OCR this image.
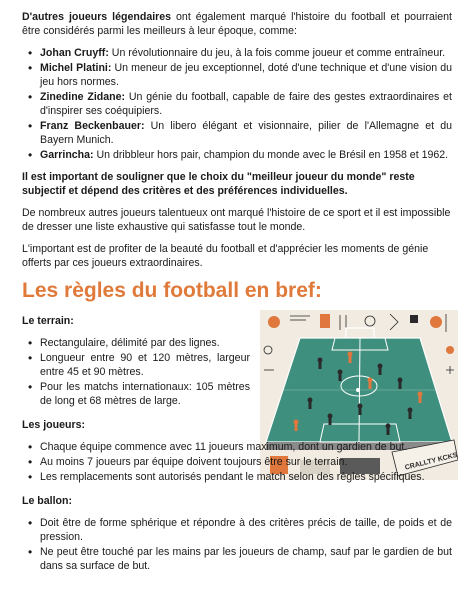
D'autres joueurs légendaires ont également marqué l'histoire du football et pourraient être considérés parmi les meilleurs à leur époque, comme:

• Johan Cruyff: Un révolutionnaire du jeu, à la fois comme joueur et comme entraîneur.
• Michel Platini: Un meneur de jeu exceptionnel, doté d'une technique et d'une vision du jeu hors normes.
• Zinedine Zidane: Un génie du football, capable de faire des gestes extraordinaires et d'inspirer ses coéquipiers.
• Franz Beckenbauer: Un libero élégant et visionnaire, pilier de l'Allemagne et du Bayern Munich.
• Garrincha: Un dribbleur hors pair, champion du monde avec le Brésil en 1958 et 1962.

Il est important de souligner que le choix du "meilleur joueur du monde" reste subjectif et dépend des critères et des préférences individuelles.

De nombreux autres joueurs talentueux ont marqué l'histoire de ce sport et il est impossible de dresser une liste exhaustive qui satisfasse tout le monde.

L'important est de profiter de la beauté du football et d'apprécier les moments de génie offerts par ces joueurs extraordinaires.

Les règles du football en bref:
Le terrain:
• Rectangulaire, délimité par des lignes.
• Longueur entre 90 et 120 mètres, largeur entre 45 et 90 mètres.
• Pour les matchs internationaux: 105 mètres de long et 68 mètres de large.
CRALLTY KCKS
Les joueurs:
• Chaque équipe commence avec 11 joueurs maximum, dont un gardien de but.
• Au moins 7 joueurs par équipe doivent toujours être sur le terrain.
• Les remplacements sont autorisés pendant le match selon des règles spécifiques.
Le ballon:
• Doit être de forme sphérique et répondre à des critères précis de taille, de poids et de pression.
• Ne peut être touché par les mains par les joueurs de champ, sauf par le gardien de but dans sa surface de but.
